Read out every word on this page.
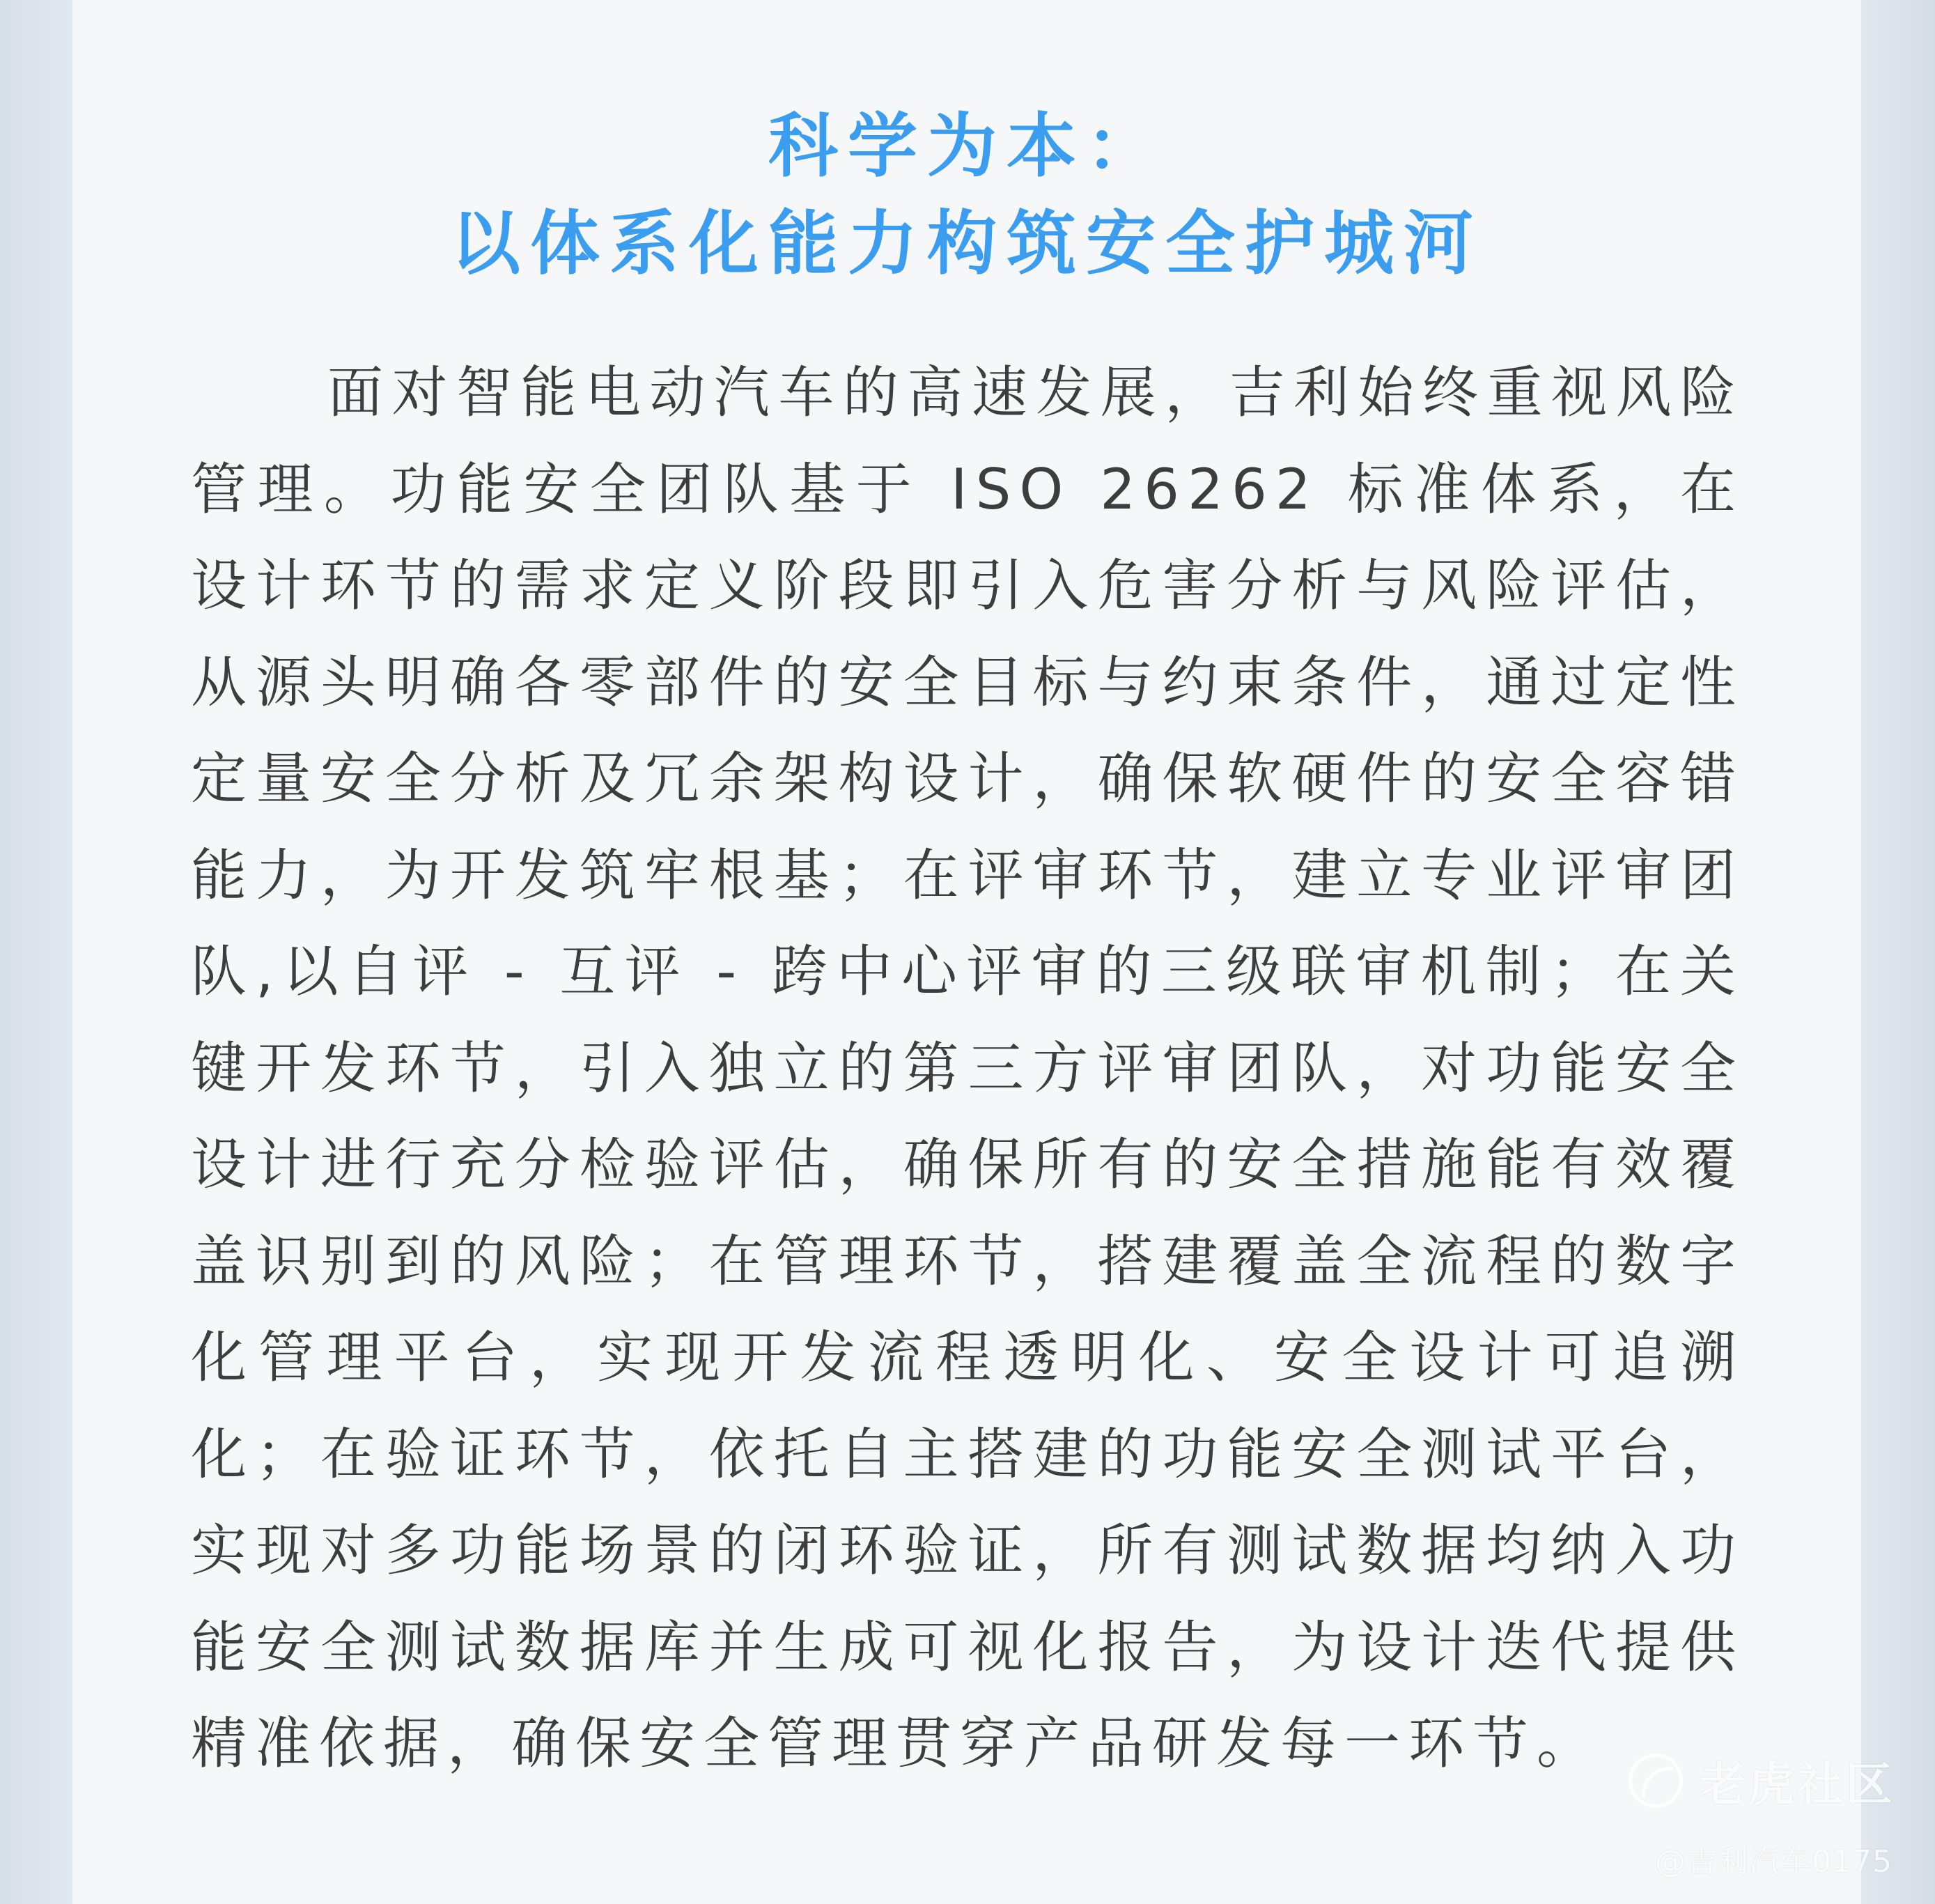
科学为本：
以体系化能力构筑安全护城河

面对智能电动汽车的高速发展，吉利始终重视风险管理。功能安全团队基于 ISO 26262 标准体系，在设计环节的需求定义阶段即引入危害分析与风险评估，从源头明确各零部件的安全目标与约束条件，通过定性定量安全分析及冗余架构设计，确保软硬件的安全容错能力，为开发筑牢根基；在评审环节，建立专业评审团队,以自评 - 互评 - 跨中心评审的三级联审机制；在关键开发环节，引入独立的第三方评审团队，对功能安全设计进行充分检验评估，确保所有的安全措施能有效覆盖识别到的风险；在管理环节，搭建覆盖全流程的数字化管理平台，实现开发流程透明化、安全设计可追溯化；在验证环节，依托自主搭建的功能安全测试平台，实现对多功能场景的闭环验证，所有测试数据均纳入功能安全测试数据库并生成可视化报告，为设计迭代提供精准依据，确保安全管理贯穿产品研发每一环节。

老虎社区
@吉利汽车0175
